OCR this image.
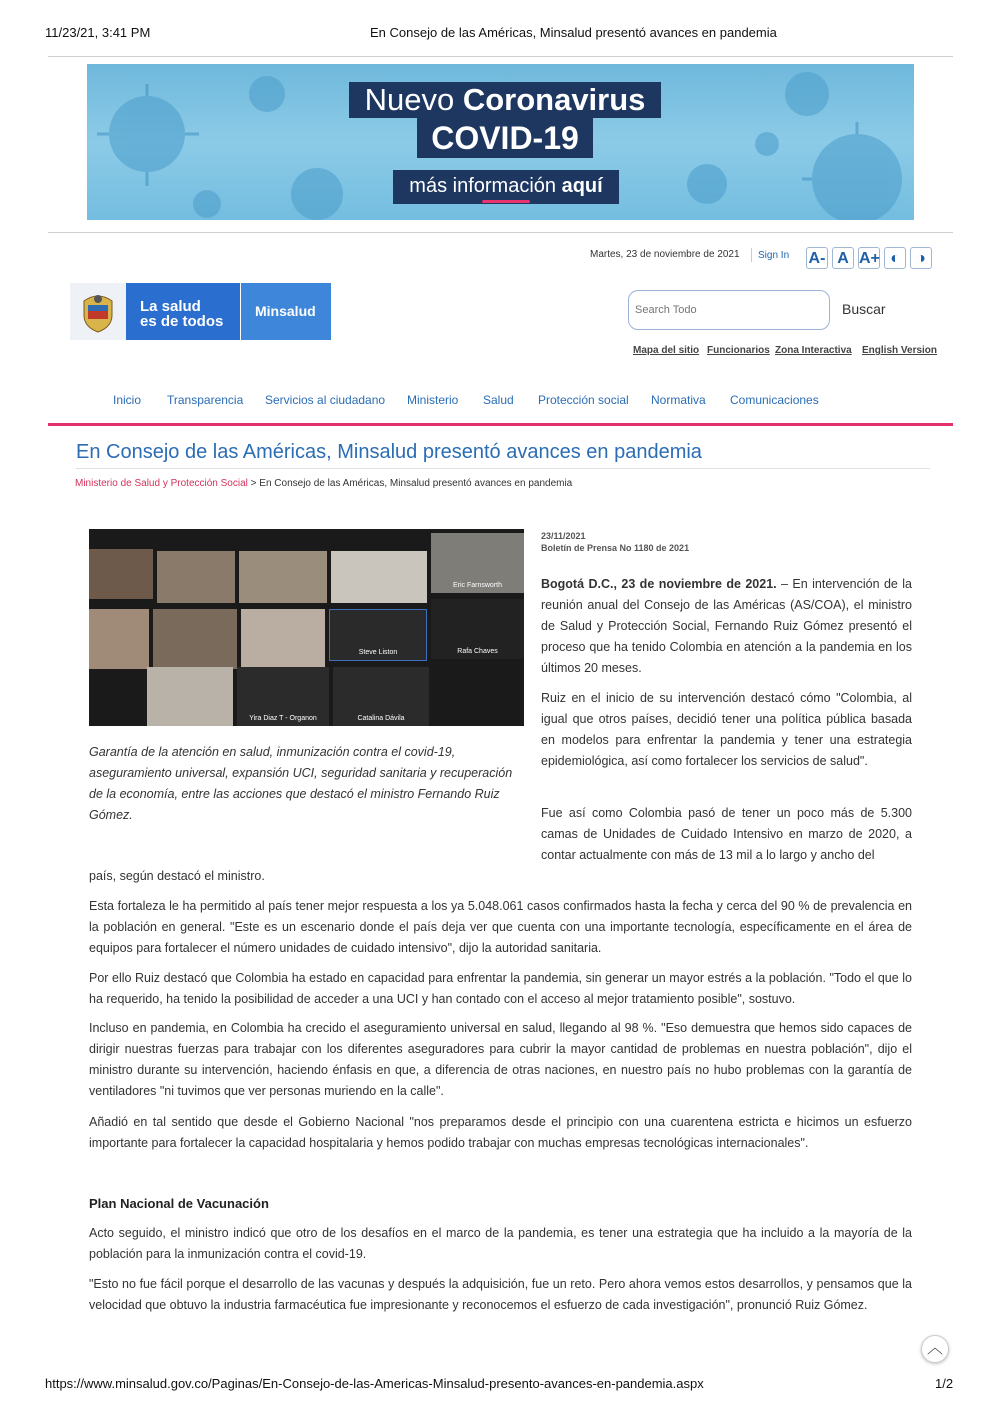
11/23/21, 3:41 PM	En Consejo de las Américas, Minsalud presentó avances en pandemia
Nuevo Coronavirus
COVID-19
más información aquí
Martes, 23 de noviembre de 2021 Sign In A- A A+ ◐	◑
La salud
es de todos
Minsalud
Search Todo	Buscar
Mapa del sitio Funcionarios Zona Interactiva English Version
Inicio Transparencia Servicios al ciudadano Ministerio Salud Protección social Normativa Comunicaciones
En Consejo de las Américas, Minsalud presentó avances en pandemia
Ministerio de Salud y Protección Social > En Consejo de las Américas, Minsalud presentó avances en pandemia
Eric Farnsworth
Steve Liston	Rafa Chaves
Yira Diaz T - Organon	Catalina Dávila
Garantía de la atención en salud, inmunización contra el covid-19, aseguramiento universal, expansión UCI, seguridad sanitaria y recuperación de la economía, entre las acciones que destacó el ministro Fernando Ruiz Gómez.
23/11/2021
Boletín de Prensa No 1180 de 2021
Bogotá D.C., 23 de noviembre de 2021. – En intervención de la reunión anual del Consejo de las Américas (AS/COA), el ministro de Salud y Protección Social, Fernando Ruiz Gómez presentó el proceso que ha tenido Colombia en atención a la pandemia en los últimos 20 meses.
Ruiz en el inicio de su intervención destacó cómo "Colombia, al igual que otros países, decidió tener una política pública basada en modelos para enfrentar la pandemia y tener una estrategia epidemiológica, así como fortalecer los servicios de salud".
Fue así como Colombia pasó de tener un poco más de 5.300 camas de Unidades de Cuidado Intensivo en marzo de 2020, a contar actualmente con más de 13 mil a lo largo y ancho del
país, según destacó el ministro.
Esta fortaleza le ha permitido al país tener mejor respuesta a los ya 5.048.061 casos confirmados hasta la fecha y cerca del 90 % de prevalencia en la población en general. "Este es un escenario donde el país deja ver que cuenta con una importante tecnología, específicamente en el área de equipos para fortalecer el número unidades de cuidado intensivo", dijo la autoridad sanitaria.
Por ello Ruiz destacó que Colombia ha estado en capacidad para enfrentar la pandemia, sin generar un mayor estrés a la población. "Todo el que lo ha requerido, ha tenido la posibilidad de acceder a una UCI y han contado con el acceso al mejor tratamiento posible", sostuvo.
Incluso en pandemia, en Colombia ha crecido el aseguramiento universal en salud, llegando al 98 %. "Eso demuestra que hemos sido capaces de dirigir nuestras fuerzas para trabajar con los diferentes aseguradores para cubrir la mayor cantidad de problemas en nuestra población", dijo el ministro durante su intervención, haciendo énfasis en que, a diferencia de otras naciones, en nuestro país no hubo problemas con la garantía de ventiladores "ni tuvimos que ver personas muriendo en la calle".
Añadió en tal sentido que desde el Gobierno Nacional "nos preparamos desde el principio con una cuarentena estricta e hicimos un esfuerzo importante para fortalecer la capacidad hospitalaria y hemos podido trabajar con muchas empresas tecnológicas internacionales".
Plan Nacional de Vacunación
Acto seguido, el ministro indicó que otro de los desafíos en el marco de la pandemia, es tener una estrategia que ha incluido a la mayoría de la población para la inmunización contra el covid-19.
"Esto no fue fácil porque el desarrollo de las vacunas y después la adquisición, fue un reto. Pero ahora vemos estos desarrollos, y pensamos que la velocidad que obtuvo la industria farmacéutica fue impresionante y reconocemos el esfuerzo de cada investigación", pronunció Ruiz Gómez.
︿
https://www.minsalud.gov.co/Paginas/En-Consejo-de-las-Americas-Minsalud-presento-avances-en-pandemia.aspx	1/2
